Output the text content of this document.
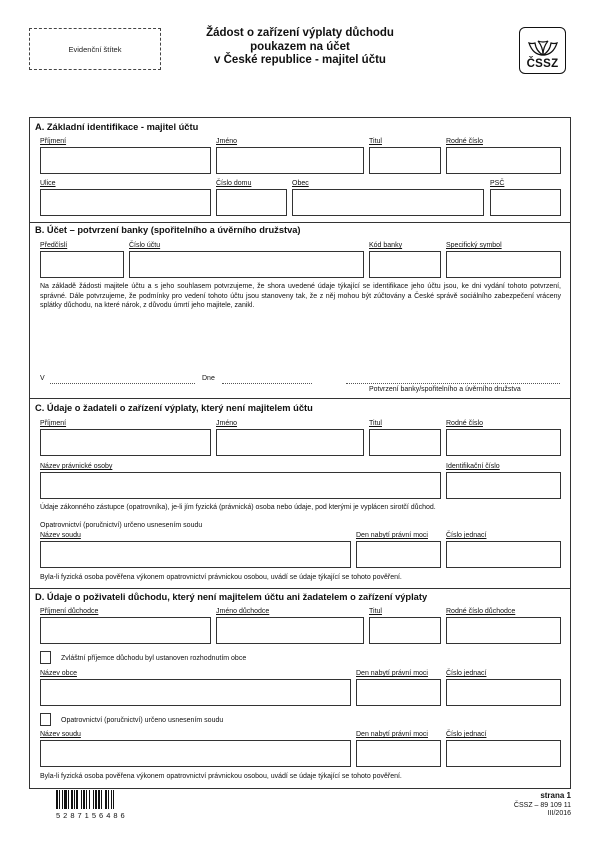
Evidenční štítek
Žádost o zařízení výplaty důchodu
poukazem na účet
v České republice - majitel účtu	ČSSZ
A. Základní identifikace - majitel účtu
Příjmení	Jméno	Titul	Rodné číslo
Ulice	Číslo domu	Obec	PSČ
B. Účet – potvrzení banky (spořitelního a úvěrního družstva)
Předčíslí	Číslo účtu	Kód banky	Specifický symbol
Na základě žádosti majitele účtu a s jeho souhlasem potvrzujeme, že shora uvedené údaje týkající se identifikace jeho účtu jsou, ke dni vydání tohoto potvrzení, správné. Dále potvrzujeme, že podmínky pro vedení tohoto účtu jsou stanoveny tak, že z něj mohou být zúčtovány a České správě sociálního zabezpečení vráceny splátky důchodu, na které nárok, z důvodu úmrtí jeho majitele, zanikl.
V	Dne
Potvrzení banky/spořitelního a úvěrního družstva
C. Údaje o žadateli o zařízení výplaty, který není majitelem účtu
Příjmení	Jméno	Titul	Rodné číslo
Název právnické osoby	Identifikační číslo
Údaje zákonného zástupce (opatrovníka), je-li jím fyzická (právnická) osoba nebo údaje, pod kterými je vyplácen sirotčí důchod.
Opatrovnictví (poručnictví) určeno usnesením soudu
Název soudu	Den nabytí právní moci	Číslo jednací
Byla-li fyzická osoba pověřena výkonem opatrovnictví právnickou osobou, uvádí se údaje týkající se tohoto pověření.
D. Údaje o poživateli důchodu, který není majitelem účtu ani žadatelem o zařízení výplaty
Příjmení důchodce	Jméno důchodce	Titul	Rodné číslo důchodce
Zvláštní příjemce důchodu byl ustanoven rozhodnutím obce
Název obce	Den nabytí právní moci	Číslo jednací
Opatrovnictví (poručnictví) určeno usnesením soudu
Název soudu	Den nabytí právní moci	Číslo jednací
Byla-li fyzická osoba pověřena výkonem opatrovnictví právnickou osobou, uvádí se údaje týkající se tohoto pověření.
5287156486
strana 1
ČSSZ – 89 109 11
III/2016
